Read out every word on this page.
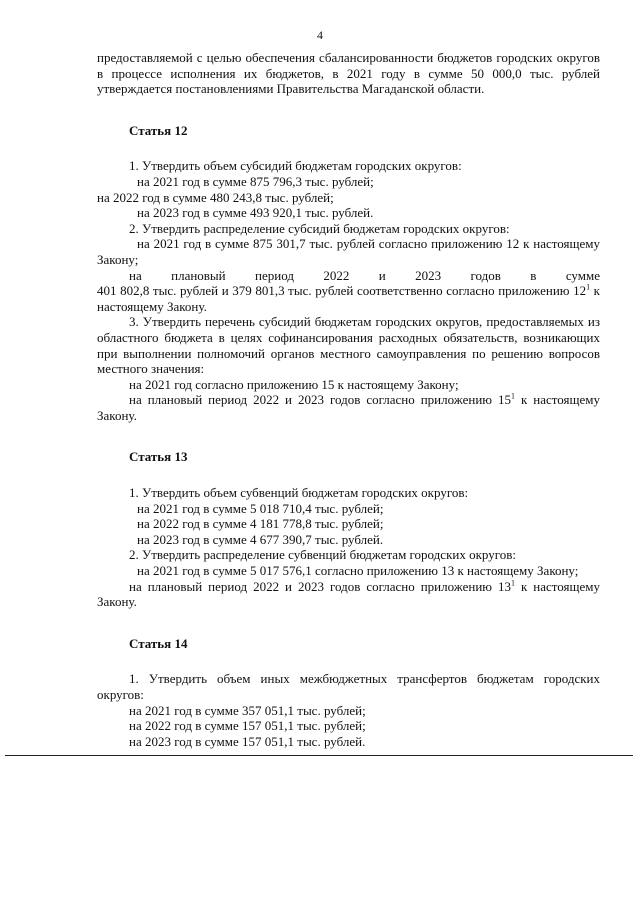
4

предоставляемой с целью обеспечения сбалансированности бюджетов городских округов в процессе исполнения их бюджетов, в 2021 году в сумме 50 000,0 тыс. рублей утверждается постановлениями Правительства Магаданской области.

Статья 12

1. Утвердить объем субсидий бюджетам городских округов:

на 2021 год в сумме 875 796,3 тыс. рублей;

на 2022 год в сумме 480 243,8 тыс. рублей;

на 2023 год в сумме 493 920,1 тыс. рублей.

2. Утвердить распределение субсидий бюджетам городских округов:

на 2021 год в сумме 875 301,7 тыс. рублей согласно приложению 12 к настоящему Закону;

на плановый период 2022 и 2023 годов в сумме

401 802,8 тыс. рублей и 379 801,3 тыс. рублей соответственно согласно приложению $12^1$ к настоящему Закону.

3. Утвердить перечень субсидий бюджетам городских округов, предоставляемых из областного бюджета в целях софинансирования расходных обязательств, возникающих при выполнении полномочий органов местного самоуправления по решению вопросов местного значения:

на 2021 год согласно приложению 15 к настоящему Закону;

на плановый период 2022 и 2023 годов согласно приложению $15^1$ к настоящему Закону.

Статья 13

1. Утвердить объем субвенций бюджетам городских округов:

на 2021 год в сумме 5 018 710,4 тыс. рублей;

на 2022 год в сумме 4 181 778,8 тыс. рублей;

на 2023 год в сумме 4 677 390,7 тыс. рублей.

2. Утвердить распределение субвенций бюджетам городских округов:

на 2021 год в сумме 5 017 576,1 согласно приложению 13 к настоящему Закону;

на плановый период 2022 и 2023 годов согласно приложению $13^1$ к настоящему Закону.

Статья 14

1. Утвердить объем иных межбюджетных трансфертов бюджетам городских округов:

на 2021 год в сумме 357 051,1 тыс. рублей;

на 2022 год в сумме 157 051,1 тыс. рублей;

на 2023 год в сумме 157 051,1 тыс. рублей.
